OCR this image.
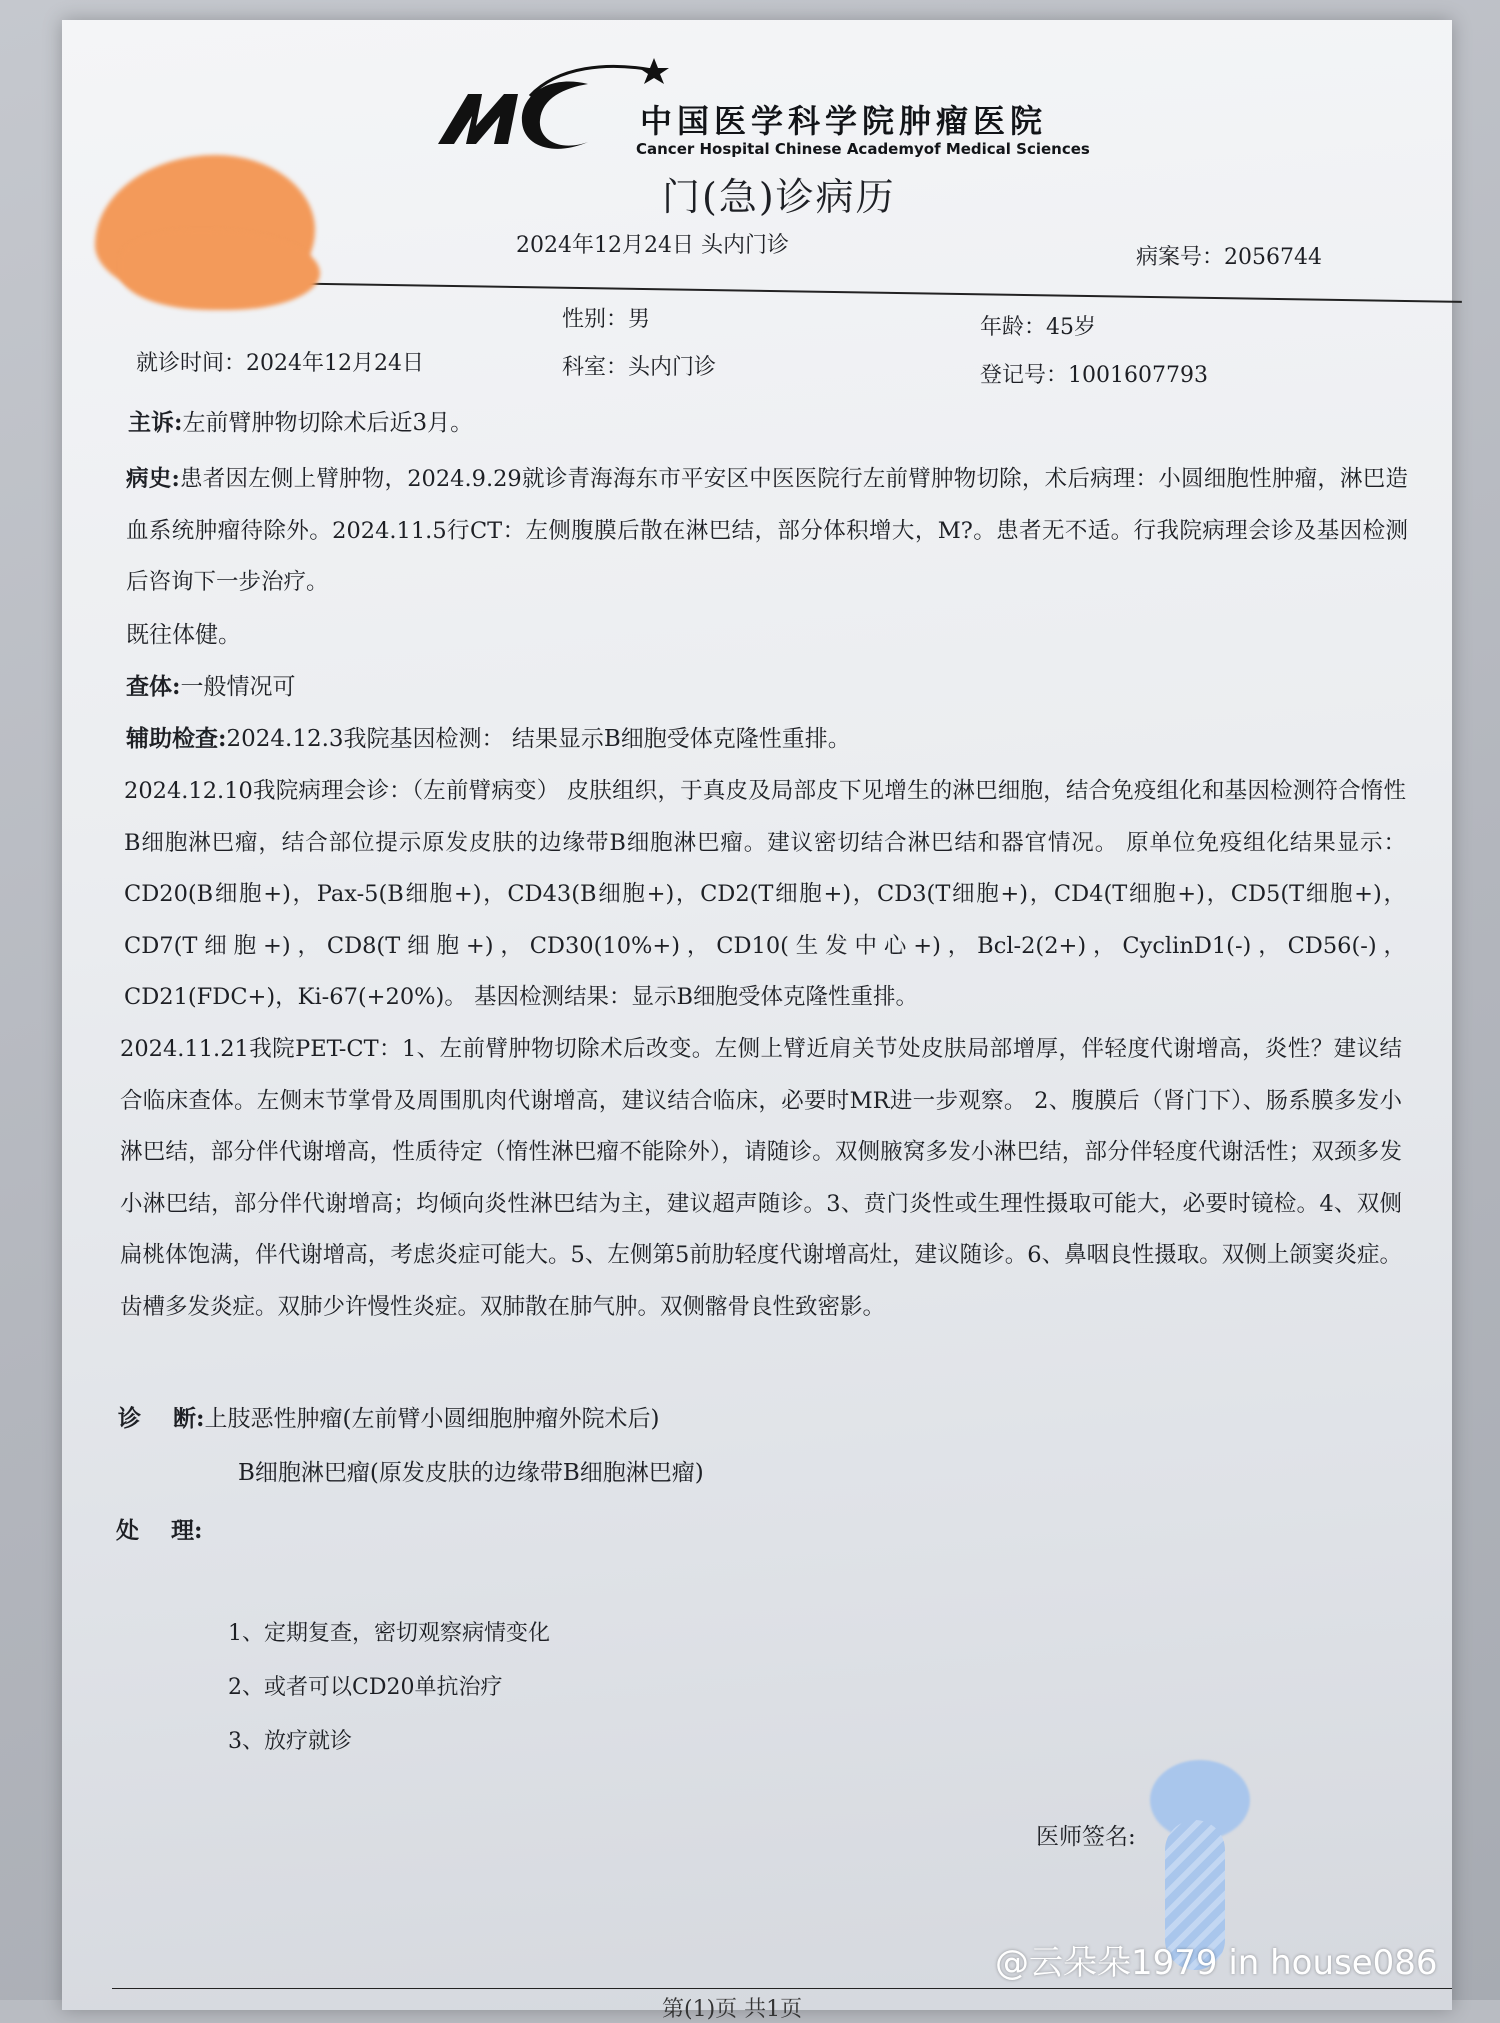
中国医学科学院肿瘤医院
Cancer Hospital Chinese Academyof Medical Sciences
门(急)诊病历
2024年12月24日 头内门诊	病案号：2056744
性别：男	年龄：45岁
就诊时间：2024年12月24日	科室：头内门诊	登记号：1001607793
主诉:左前臂肿物切除术后近3月。
病史:患者因左侧上臂肿物，2024.9.29就诊青海海东市平安区中医医院行左前臂肿物切除，术后病理：小圆细胞性肿瘤，淋巴造血系统肿瘤待除外。2024.11.5行CT：左侧腹膜后散在淋巴结，部分体积增大，M?。患者无不适。行我院病理会诊及基因检测后咨询下一步治疗。
既往体健。
查体:一般情况可
辅助检查:2024.12.3我院基因检测： 结果显示B细胞受体克隆性重排。
2024.12.10我院病理会诊：（左前臂病变） 皮肤组织，于真皮及局部皮下见增生的淋巴细胞，结合免疫组化和基因检测符合惰性B细胞淋巴瘤，结合部位提示原发皮肤的边缘带B细胞淋巴瘤。建议密切结合淋巴结和器官情况。 原单位免疫组化结果显示：CD20(B细胞+)，Pax-5(B细胞+)，CD43(B细胞+)，CD2(T细胞+)，CD3(T细胞+)，CD4(T细胞+)，CD5(T细胞+)，CD7(T细胞+)，CD8(T细胞+)，CD30(10%+)，CD10(生发中心+)，Bcl-2(2+)，CyclinD1(-)，CD56(-)，CD21(FDC+)，Ki-67(+20%)。 基因检测结果：显示B细胞受体克隆性重排。
2024.11.21我院PET-CT：1、左前臂肿物切除术后改变。左侧上臂近肩关节处皮肤局部增厚，伴轻度代谢增高，炎性？建议结合临床查体。左侧末节掌骨及周围肌肉代谢增高，建议结合临床，必要时MR进一步观察。 2、腹膜后（肾门下）、肠系膜多发小淋巴结，部分伴代谢增高，性质待定（惰性淋巴瘤不能除外），请随诊。双侧腋窝多发小淋巴结，部分伴轻度代谢活性；双颈多发小淋巴结，部分伴代谢增高；均倾向炎性淋巴结为主，建议超声随诊。3、贲门炎性或生理性摄取可能大，必要时镜检。4、双侧扁桃体饱满，伴代谢增高，考虑炎症可能大。5、左侧第5前肋轻度代谢增高灶，建议随诊。6、鼻咽良性摄取。双侧上颌窦炎症。齿槽多发炎症。双肺少许慢性炎症。双肺散在肺气肿。双侧髂骨良性致密影。
诊    断:上肢恶性肿瘤(左前臂小圆细胞肿瘤外院术后)
B细胞淋巴瘤(原发皮肤的边缘带B细胞淋巴瘤)
处    理:
1、定期复查，密切观察病情变化
2、或者可以CD20单抗治疗
3、放疗就诊
医师签名:
第(1)页 共1页
@云朵朵1979 in house086
